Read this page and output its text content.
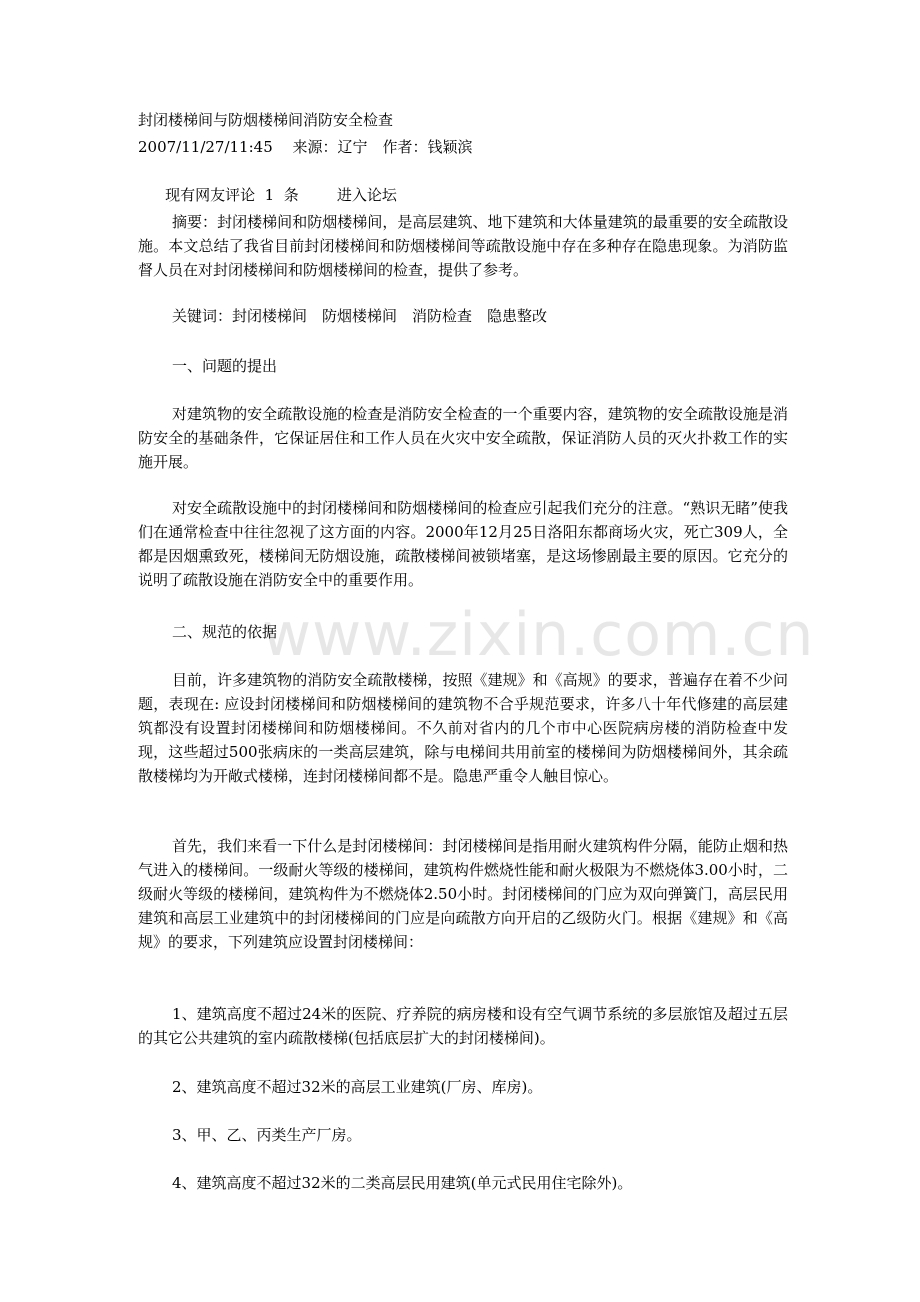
www.zixin.com.cn
封闭楼梯间与防烟楼梯间消防安全检查
2007/11/27/11:45　 来源：辽宁　作者：钱颖滨

现有网友评论 1 条	进入论坛

摘要：封闭楼梯间和防烟楼梯间，是高层建筑、地下建筑和大体量建筑的最重要的安全疏散设施。本文总结了我省目前封闭楼梯间和防烟楼梯间等疏散设施中存在多种存在隐患现象。为消防监督人员在对封闭楼梯间和防烟楼梯间的检查，提供了参考。

关键词：封闭楼梯间　防烟楼梯间　消防检查　隐患整改

一、问题的提出

对建筑物的安全疏散设施的检查是消防安全检查的一个重要内容，建筑物的安全疏散设施是消防安全的基础条件，它保证居住和工作人员在火灾中安全疏散，保证消防人员的灭火扑救工作的实施开展。

对安全疏散设施中的封闭楼梯间和防烟楼梯间的检查应引起我们充分的注意。“熟识无睹”使我们在通常检查中往往忽视了这方面的内容。2000年12月25日洛阳东都商场火灾，死亡309人，全都是因烟熏致死，楼梯间无防烟设施，疏散楼梯间被锁堵塞，是这场惨剧最主要的原因。它充分的说明了疏散设施在消防安全中的重要作用。

二、规范的依据

目前，许多建筑物的消防安全疏散楼梯，按照《建规》和《高规》的要求，普遍存在着不少问题，表现在: 应设封闭楼梯间和防烟楼梯间的建筑物不合乎规范要求，许多八十年代修建的高层建筑都没有设置封闭楼梯间和防烟楼梯间。不久前对省内的几个市中心医院病房楼的消防检查中发现，这些超过500张病床的一类高层建筑，除与电梯间共用前室的楼梯间为防烟楼梯间外，其余疏散楼梯均为开敞式楼梯，连封闭楼梯间都不是。隐患严重令人触目惊心。

首先，我们来看一下什么是封闭楼梯间：封闭楼梯间是指用耐火建筑构件分隔，能防止烟和热气进入的楼梯间。一级耐火等级的楼梯间，建筑构件燃烧性能和耐火极限为不燃烧体3.00小时，二级耐火等级的楼梯间，建筑构件为不燃烧体2.50小时。封闭楼梯间的门应为双向弹簧门，高层民用建筑和高层工业建筑中的封闭楼梯间的门应是向疏散方向开启的乙级防火门。根据《建规》和《高规》的要求，下列建筑应设置封闭楼梯间：

1、建筑高度不超过24米的医院、疗养院的病房楼和设有空气调节系统的多层旅馆及超过五层的其它公共建筑的室内疏散楼梯(包括底层扩大的封闭楼梯间)。

2、建筑高度不超过32米的高层工业建筑(厂房、库房)。

3、甲、乙、丙类生产厂房。

4、建筑高度不超过32米的二类高层民用建筑(单元式民用住宅除外)。
